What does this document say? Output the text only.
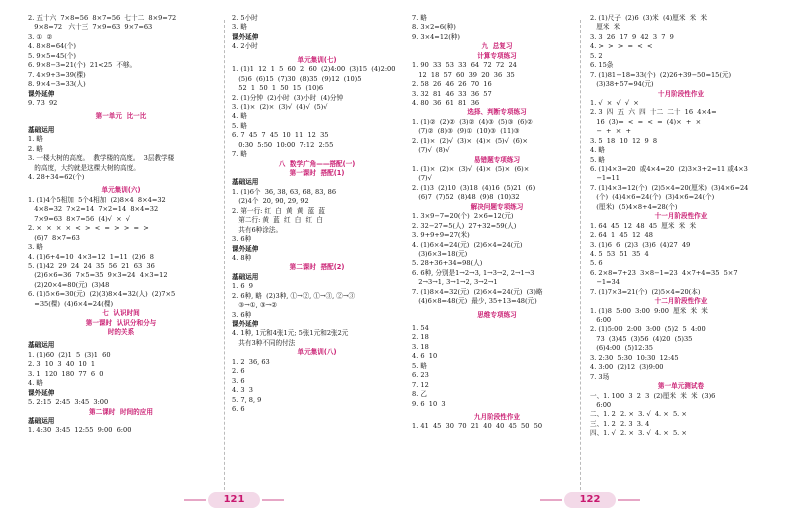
2. 五十六  7×8=56  8×7=56  七十二  8×9=72
9×8=72   六十三  7×9=63  9×7=63
3. ①  ②
4. 8×8=64(个)
5. 9×5=45(个)
6. 9×8−3=21(个)  21<25  不够。
7. 4×9+3=39(棵)
8. 9×4−3=33(人)
课外延伸
9. 73  92
第一单元  比一比
基础运用
1. 略
2. 略
3. 一楼大树的高度。  教学楼的高度。  3层教学楼
的高度，大约就是这棵大树的高度。
4. 28+34=62(个)
单元集训(六)
1. (1)4个5相加  5个4相加  (2)8×4  8×4=32
4×8=32  7×2=14  7×2=14  8×4=32
7×9=63  8×7=56  (4)√  ×  √
2. ×  ×  ×  ×  <  >  <  =  >  >  =  >
(6)7  8×7=63
3. 略
4. (1)6+4=10  4×3=12  1=11  (2)6  8
5. (1)42  29  24  24  35  56  21  63  36
(2)6×6=36  7×5=35  9×3=24  4×3=12
(2)20×4=80(元)  (3)48
6. (1)5×6=30(元)  (2)(3)8×4=32(人)  (2)7×5
=35(棵)  (4)6×4=24(棵)
七  认识时间
第一课时  认识分和分与
时的关系
基础运用
1. (1)60  (2)1  5  (3)1  60
2. 3  10  3  40  10  1
3. 1  120  180  77  6  0
4. 略
课外延伸
5. 2:15  2:45  3:45  3:00
第二课时  时间的应用
基础运用
1. 4:30  3:45  12:55  9:00  6:00
2. 5小时
3. 略
课外延伸
4. 2小时
单元集训(七)
1. (1)1  12  1  5  60  2  60  (2)4:00  (3)15  (4)2:00
(5)6  (6)15  (7)30  (8)35  (9)12  (10)5
52  1  50  1  50  15  (10)6
2. (1)分钟  (2)小时  (3)小时  (4)分钟
3. (1)×  (2)×  (3)√  (4)√  (5)√
4. 略
5. 略
6. 7  45  7  45  10  11  12  35
0:30  5:50  10:00  7:12  2:55
7. 略
八  数学广角——搭配(一)
第一课时  搭配(1)
基础运用
1. (1)6个  36, 38, 63, 68, 83, 86
(2)4个  20, 90, 29, 92
2. 第一行: 红  白  黄  黄  蓝  蓝
第二行: 黄  蓝  红  白  红  白
共有6种涂法。
3. 6种
课外延伸
4. 8种
第二课时  搭配(2)
基础运用
1. 6  9
2. 6种, 略  (2)3种, ①→②, ①→③, ②→③
③→①, ③→②
3. 6种
课外延伸
4. 1种, 1元和4张1元; 5张1元和2张2元
共有3种不同的付法
单元集训(八)
1. 2  36, 63
2. 6
3. 6
4. 3  3
5. 7, 8, 9
6. 6
7. 略
8. 3×2=6(种)
9. 3×4=12(种)
九  总复习
计算专项练习
1. 90  33  53  33  64  72  72  24
12  18  57  60  39  20  36  35
2. 58  26  46  26  70  16
3. 32  81  46  33  36  57
4. 80  36  61  81  36
选择、判断专项练习
1. (1)②  (2)②  (3)②  (4)③  (5)③  (6)②
(7)②  (8)③  (9)①  (10)③  (11)③
2. (1)×  (2)√  (3)×  (4)×  (5)√  (6)×
(7)√  (8)√
易错题专项练习
1. (1)×  (2)×  (3)√  (4)×  (5)×  (6)×
(7)√
2. (1)3  (2)10  (3)18  (4)16  (5)21  (6)
(6)7  (7)52  (8)48  (9)8  (10)32
解决问题专项练习
1. 3×9−7=20(个)  2×6=12(元)
2. 32−27=5(人)  27+32=59(人)
3. 9+9+9=27(米)
4. (1)6×4=24(元)  (2)6×4=24(元)
(3)6×3=18(元)
5. 28+36+34=98(人)
6. 6种, 分别是1→2→3, 1→3→2, 2→1→3
2→3→1, 3→1→2, 3→2→1
7. (1)8×4=32(元)  (2)6×4=24(元)  (3)略
(4)6×8=48(元)  最少, 35+13=48(元)
思维专项练习
1. 54
2. 18
3. 18
4. 6  10
5. 略
6. 23
7. 12
8. 乙
9. 6  10  3
九月阶段性作业
1. 41  45  30  70  21  40  40  45  50  50
2. (1)尺子  (2)6  (3)米  (4)厘米  米  米
厘米  米
3. 3  26  17  9  42  3  7  9
4. >  >  >  =  <  <
5. 2
6. 15条
7. (1)81−18=33(个)  (2)26+39−50=15(元)
(3)38+57=94(元)
十月阶段性作业
1. √  ×  √  √  ×
2. 3  四  五  六  四  十二  二十  16  4×4=
16  (3)=  <  =  <  =  (4)×  +  ×
−  +  ×  +
3. 5  18  10  12  9  8
4. 略
5. 略
6. (1)4×3=20  或4×4=20  (2)3×3+2=11 或4×3
−1=11
7. (1)4×3=12(个)  (2)5×4=20(厘米)  (3)4×6=24
(个)  (4)4×6=24(个)  (3)4×6=24(个)
(厘米)  (5)4×8+4=28(个)
十一月阶段性作业
1. 64  45  12  48  45  厘米  米  米
2. 64  1  45  12  48
3. (1)6  6  (2)3  (3)6  (4)27  49
4. 5  53  51  35  4
5. 6
6. 2×8=7+23  3×8−1=23  4×7+4=35  5×7
−1=34
7. (1)7×3=21(个)  (2)5×4=20(本)
十二月阶段性作业
1. (1)8  5:00  3:00  9:00  厘米  米  米
6:00
2. (1)5:00  2:00  3:00  (5)2  5  4:00
73  (3)45  (3)56  (4)20  (5)35
(6)4:00  (5)12:35
3. 2:30  5:30  10:30  12:45
4. 3:00  (2)12  (3)9:00
7. 3场
第一单元测试卷
一、1. 100  3  2  3  (2)厘米  米  米  (3)6
6:00
二、1. 2  2. ×  3. √  4. ×  5. ×
三、1. 2  2. 3  3. 4
四、1. √  2. ×  3. √  4. ×  5. ×
121	122
